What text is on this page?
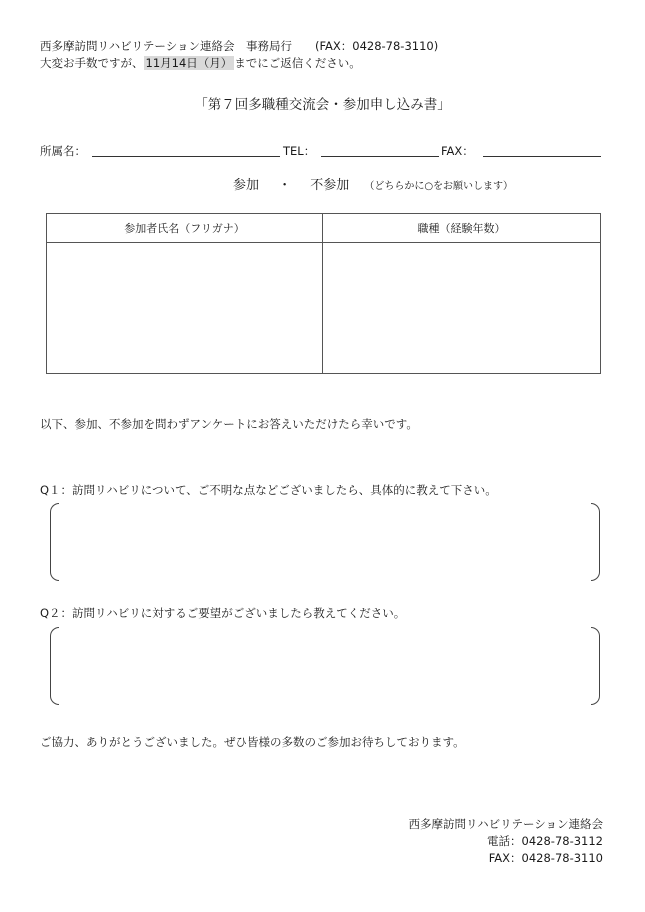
西多摩訪問リハビリテーション連絡会　事務局行　　(FAX：0428-78-3110)
大変お手数ですが、 11月14日（月） までにご返信ください。
「第７回多職種交流会・参加申し込み書」
所属名：	TEL：	FAX：
参加 ・ 不参加 （どちらかに○をお願いします）
参加者氏名（フリガナ）	職種（経験年数）

以下、参加、不参加を問わずアンケートにお答えいただけたら幸いです。
Q１：訪問リハビリについて、ご不明な点などございましたら、具体的に教えて下さい。
Q２：訪問リハビリに対するご要望がございましたら教えてください。
ご協力、ありがとうございました。ぜひ皆様の多数のご参加お待ちしております。
西多摩訪問リハビリテーション連絡会
電話：0428-78-3112
FAX：0428-78-3110
